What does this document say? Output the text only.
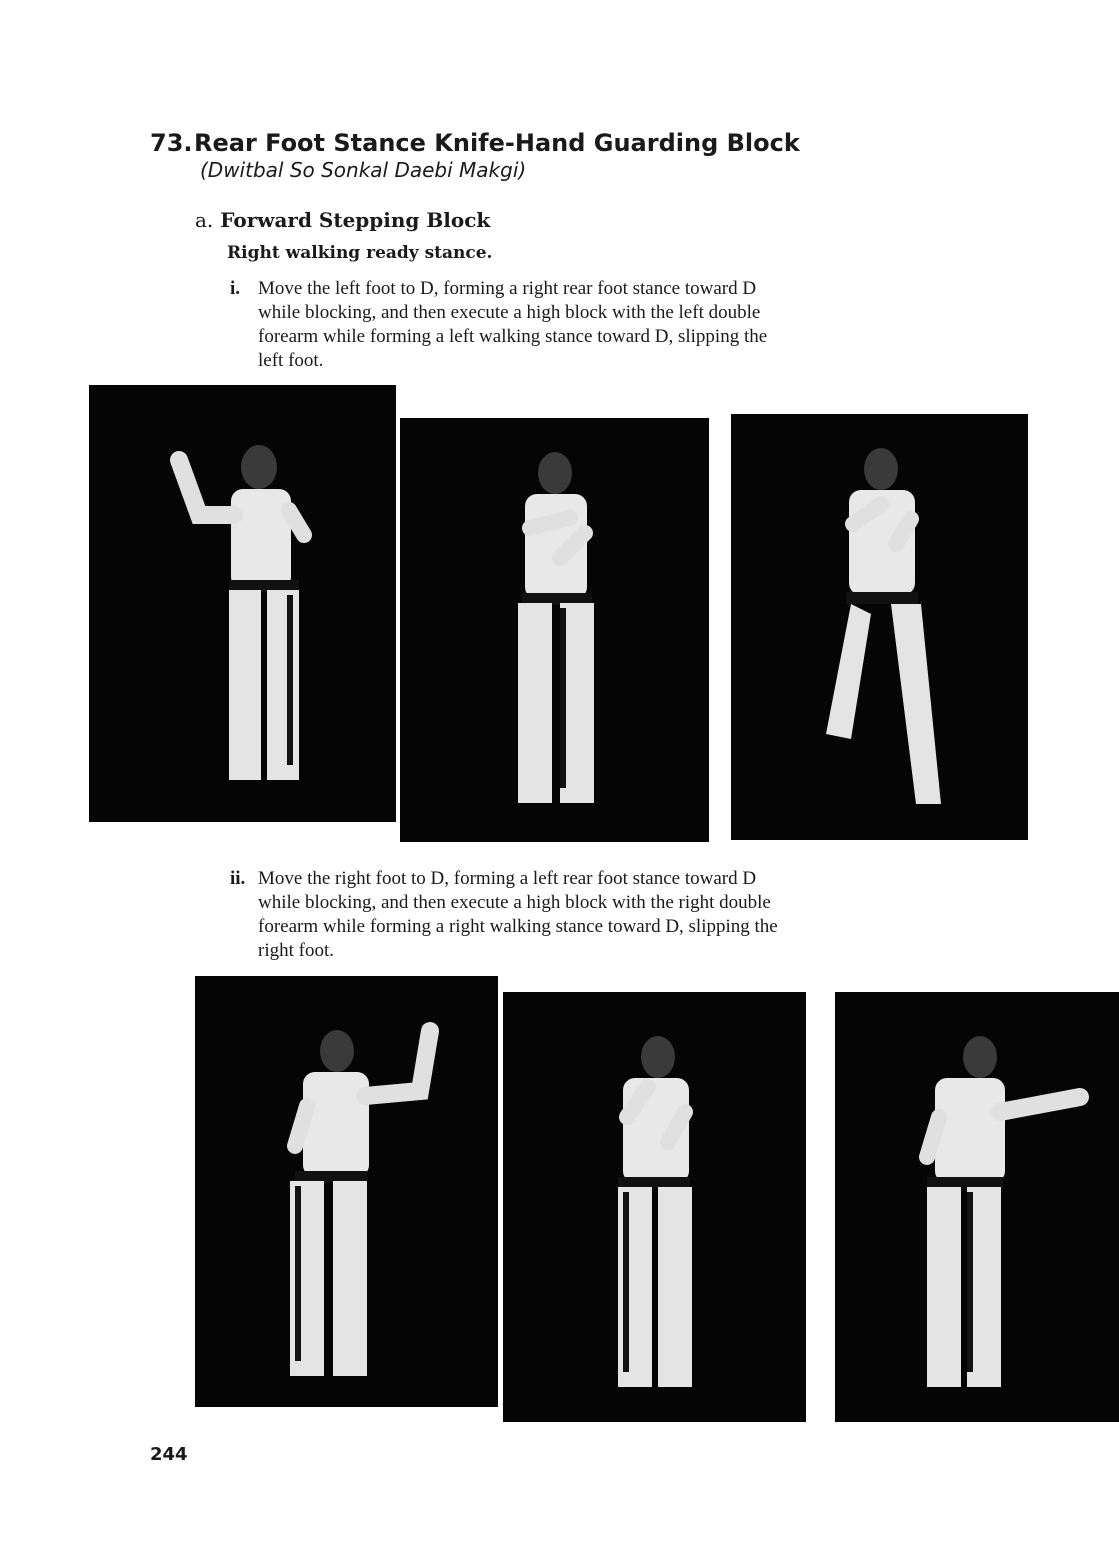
73.Rear Foot Stance Knife-Hand Guarding Block
(Dwitbal So Sonkal Daebi Makgi)
a. Forward Stepping Block
Right walking ready stance.
i. Move the left foot to D, forming a right rear foot stance toward D
while blocking, and then execute a high block with the left double
forearm while forming a left walking stance toward D, slipping the
left foot.
ii. Move the right foot to D, forming a left rear foot stance toward D
while blocking, and then execute a high block with the right double
forearm while forming a right walking stance toward D, slipping the
right foot.
244
